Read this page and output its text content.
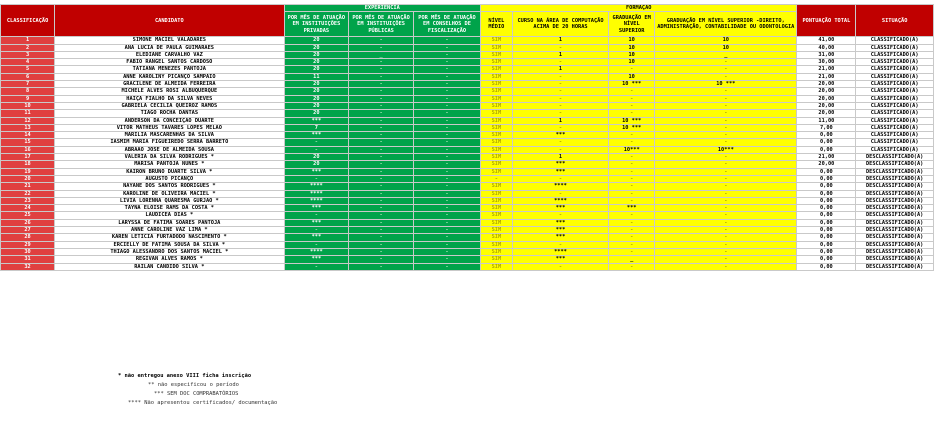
CLASSIFICAÇÃO	CANDIDATO	EXPERIÊNCIA			FORMAÇÃO				PONTUAÇÃO TOTAL	SITUAÇÃO
		POR MÊS DE ATUAÇÃO EM INSTITUIÇÕES PRIVADAS	POR MÊS DE ATUAÇÃO EM INSTITUIÇÕES PÚBLICAS	POR MÊS DE ATUAÇÃO EM CONSELHOS DE FISCALIZAÇÃO	NÍVEL MÉDIO	CURSO NA ÁREA DE COMPUTAÇÃO ACIMA DE 20 HORAS	GRADUAÇÃO EM NÍVEL SUPERIOR	GRADUAÇÃO EM NÍVEL SUPERIOR -DIREITO, ADMINISTRAÇÃO, CONTABILIDADE OU ODONTOLOGIA		
1	SIMONE MACIEL VALADARES	20	-	-	SIM	1	10	10	41,00	CLASSIFICADO(A)
2	ANA LUCIA DE PAULA GUIMARÃES	20	-	-	SIM	-	10	10	40,00	CLASSIFICADO(A)
3	ELEDIANE CARVALHO VAZ	20	_	-	SIM	1	10	_	31,00	CLASSIFICADO(A)
4	FÁBIO RANGEL SANTOS CARDOSO	20	-	-	SIM	-	10	-	30,00	CLASSIFICADO(A)
5	TATIANA MENEZES PANTOJA	20	-	-	SIM	1	-	-	21,00	CLASSIFICADO(A)
6	ANNE KAROLINY PICANÇO SAMPAIO	11	-	-	SIM	-	10	-	21,00	CLASSIFICADO(A)
7	GRACILENE DE ALMEIDA FERREIRA	20	-	-	SIM	-	10 ***	10 ***	20,00	CLASSIFICADO(A)
8	MICHELE ALVES ROSI ALBUQUERQUE	20	-	-	SIM	-	-	-	20,00	CLASSIFICADO(A)
9	HAIÇA FIALHO DA SILVA NEVES	20	-	-	SIM	-	-	-	20,00	CLASSIFICADO(A)
10	GABRIELA CECILIA QUEIROZ RAMOS	20	-	-	SIM	-	-	-	20,00	CLASSIFICADO(A)
11	TIAGO ROCHA DANTAS	20	-	-	SIM	-	-	-	20,00	CLASSIFICADO(A)
12	ANDERSON DA CONCEIÇÃO DUARTE	***	-	-	SIM	1	10 ***	-	11,00	CLASSIFICADO(A)
13	VITOR MATHEUS TAVARES LOPES MELÃO	7	-	-	SIM	-	10 ***	-	7,00	CLASSIFICADO(A)
14	MARÍLIA MASCARENHAS DA SILVA	***	-	-	SIM	***	-	-	0,00	CLASSIFICADO(A)
15	IASMIM MARIA FIGUEIREDO SERRA BARRETO	-	-	-	SIM	-	-	-	0,00	CLASSIFICADO(A)
16	ABRAÃO JOSÉ DE ALMEIDA SOUSA	-	-	-	SIM	-	10***	10***	0,00	CLASSIFICADO(A)
17	VALÉRIA DA SILVA RODRIGUES *	20	-	-	SIM	1	-	-	21,00	DESCLASSIFICADO(A)
18	MARISA PANTOJA NUNES *	20	-	-	SIM	***	-	-	20,00	DESCLASSIFICADO(A)
19	KAIRON BRUNO DUARTE SILVA *	***	-	-	SIM	***	-	-	0,00	DESCLASSIFICADO(A)
20	AUGUSTO PICANÇO	-	-	-	-	-	-	-	0,00	DESCLASSIFICADO(A)
21	NAYANE DOS SANTOS RODRIGUES *	****	-	-	SIM	****	-	-	0,00	DESCLASSIFICADO(A)
22	KAROLINE DE OLIVEIRA MACIEL *	****	-	-	SIM	-	-	-	0,00	DESCLASSIFICADO(A)
23	LIVIA LORENNA QUARESMA GURJÃO *	****	-	-	SIM	****	-	-	0,00	DESCLASSIFICADO(A)
24	TAYNA ELOISE RAMS DA COSTA *	***	-	-	SIM	***	***	-	0,00	DESCLASSIFICADO(A)
25	LAUDICEA DIAS *	-	-	-	SIM	-	-	-	0,00	DESCLASSIFICADO(A)
26	LARYSSA DE FÁTIMA SOARES PANTOJA	***	-	-	SIM	***	-	-	0,00	DESCLASSIFICADO(A)
27	ANNE CAROLINE VAZ LIMA *	-	-	-	SIM	***	-	-	0,00	DESCLASSIFICADO(A)
28	KAREN LETICIA FURTADODO NASCIMENTO *	***	-	-	SIM	***	-	-	0,00	DESCLASSIFICADO(A)
29	ERCIELLY DE FATIMA SOUSA DA SILVA *	-	-	-	SIM	-	-	-	0,00	DESCLASSIFICADO(A)
30	THIAGO ALESSANDRO DOS SANTOS MACIEL *	****	-	-	SIM	****	-	-	0,00	DESCLASSIFICADO(A)
31	REGIVAN ALVES RAMOS *	***	-	-	SIM	***	_	-	0,00	DESCLASSIFICADO(A)
32	RAILAN CANDIDO SILVA *	-	-	-	SIM	-	-	-	0,00	DESCLASSIFICADO(A)
* não entregou anexo VIII ficha inscrição
** não especificou o período
*** SEM DOC COMPRABATÓRIOS
**** Não apresentou certificados/ documentação
